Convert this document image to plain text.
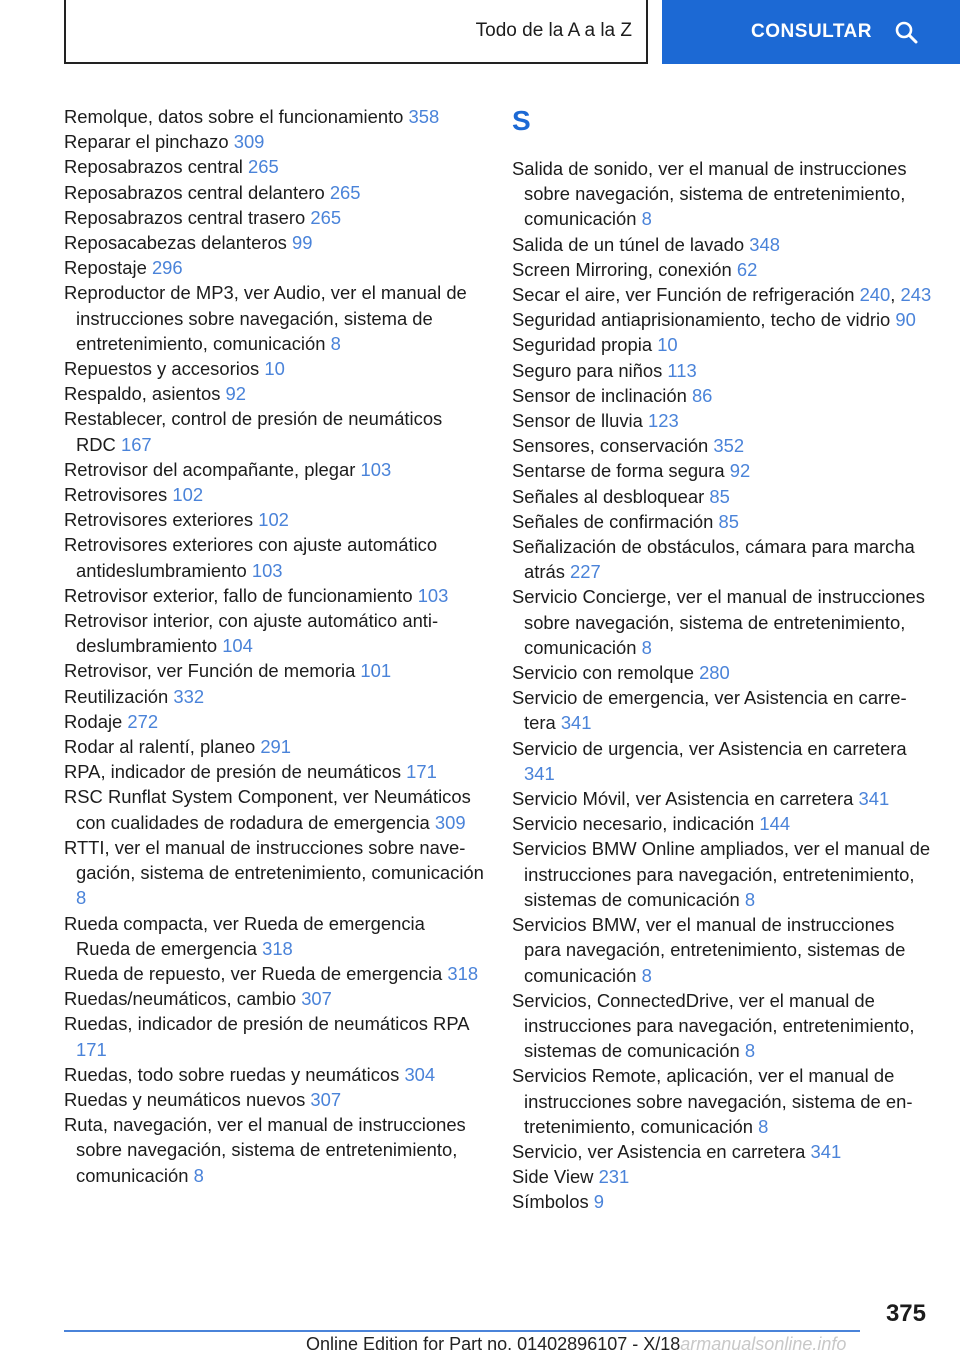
Todo de la A a la Z	CONSULTAR
Remolque, datos sobre el funcionamiento 358
Reparar el pinchazo 309
Reposabrazos central 265
Reposabrazos central delantero 265
Reposabrazos central trasero 265
Reposacabezas delanteros 99
Repostaje 296
Reproductor de MP3, ver Audio, ver el manual de instrucciones sobre navegación, sistema de entretenimiento, comunicación 8
Repuestos y accesorios 10
Respaldo, asientos 92
Restablecer, control de presión de neumáticos RDC 167
Retrovisor del acompañante, plegar 103
Retrovisores 102
Retrovisores exteriores 102
Retrovisores exteriores con ajuste automático antideslumbramiento 103
Retrovisor exterior, fallo de funcionamiento 103
Retrovisor interior, con ajuste automático antideslumbramiento 104
Retrovisor, ver Función de memoria 101
Reutilización 332
Rodaje 272
Rodar al ralentí, planeo 291
RPA, indicador de presión de neumáticos 171
RSC Runflat System Component, ver Neumáticos con cualidades de rodadura de emergencia 309
RTTI, ver el manual de instrucciones sobre navegación, sistema de entretenimiento, comunicación 8
Rueda compacta, ver Rueda de emergencia Rueda de emergencia 318
Rueda de repuesto, ver Rueda de emergencia 318
Ruedas/neumáticos, cambio 307
Ruedas, indicador de presión de neumáticos RPA 171
Ruedas, todo sobre ruedas y neumáticos 304
Ruedas y neumáticos nuevos 307
Ruta, navegación, ver el manual de instrucciones sobre navegación, sistema de entretenimiento, comunicación 8
S
Salida de sonido, ver el manual de instrucciones sobre navegación, sistema de entretenimiento, comunicación 8
Salida de un túnel de lavado 348
Screen Mirroring, conexión 62
Secar el aire, ver Función de refrigeración 240, 243
Seguridad antiaprisionamiento, techo de vidrio 90
Seguridad propia 10
Seguro para niños 113
Sensor de inclinación 86
Sensor de lluvia 123
Sensores, conservación 352
Sentarse de forma segura 92
Señales al desbloquear 85
Señales de confirmación 85
Señalización de obstáculos, cámara para marcha atrás 227
Servicio Concierge, ver el manual de instrucciones sobre navegación, sistema de entretenimiento, comunicación 8
Servicio con remolque 280
Servicio de emergencia, ver Asistencia en carretera 341
Servicio de urgencia, ver Asistencia en carretera 341
Servicio Móvil, ver Asistencia en carretera 341
Servicio necesario, indicación 144
Servicios BMW Online ampliados, ver el manual de instrucciones para navegación, entretenimiento, sistemas de comunicación 8
Servicios BMW, ver el manual de instrucciones para navegación, entretenimiento, sistemas de comunicación 8
Servicios, ConnectedDrive, ver el manual de instrucciones para navegación, entretenimiento, sistemas de comunicación 8
Servicios Remote, aplicación, ver el manual de instrucciones sobre navegación, sistema de entretenimiento, comunicación 8
Servicio, ver Asistencia en carretera 341
Side View 231
Símbolos 9
375
Online Edition for Part no. 01402896107 - X/18armanualsonline.info
